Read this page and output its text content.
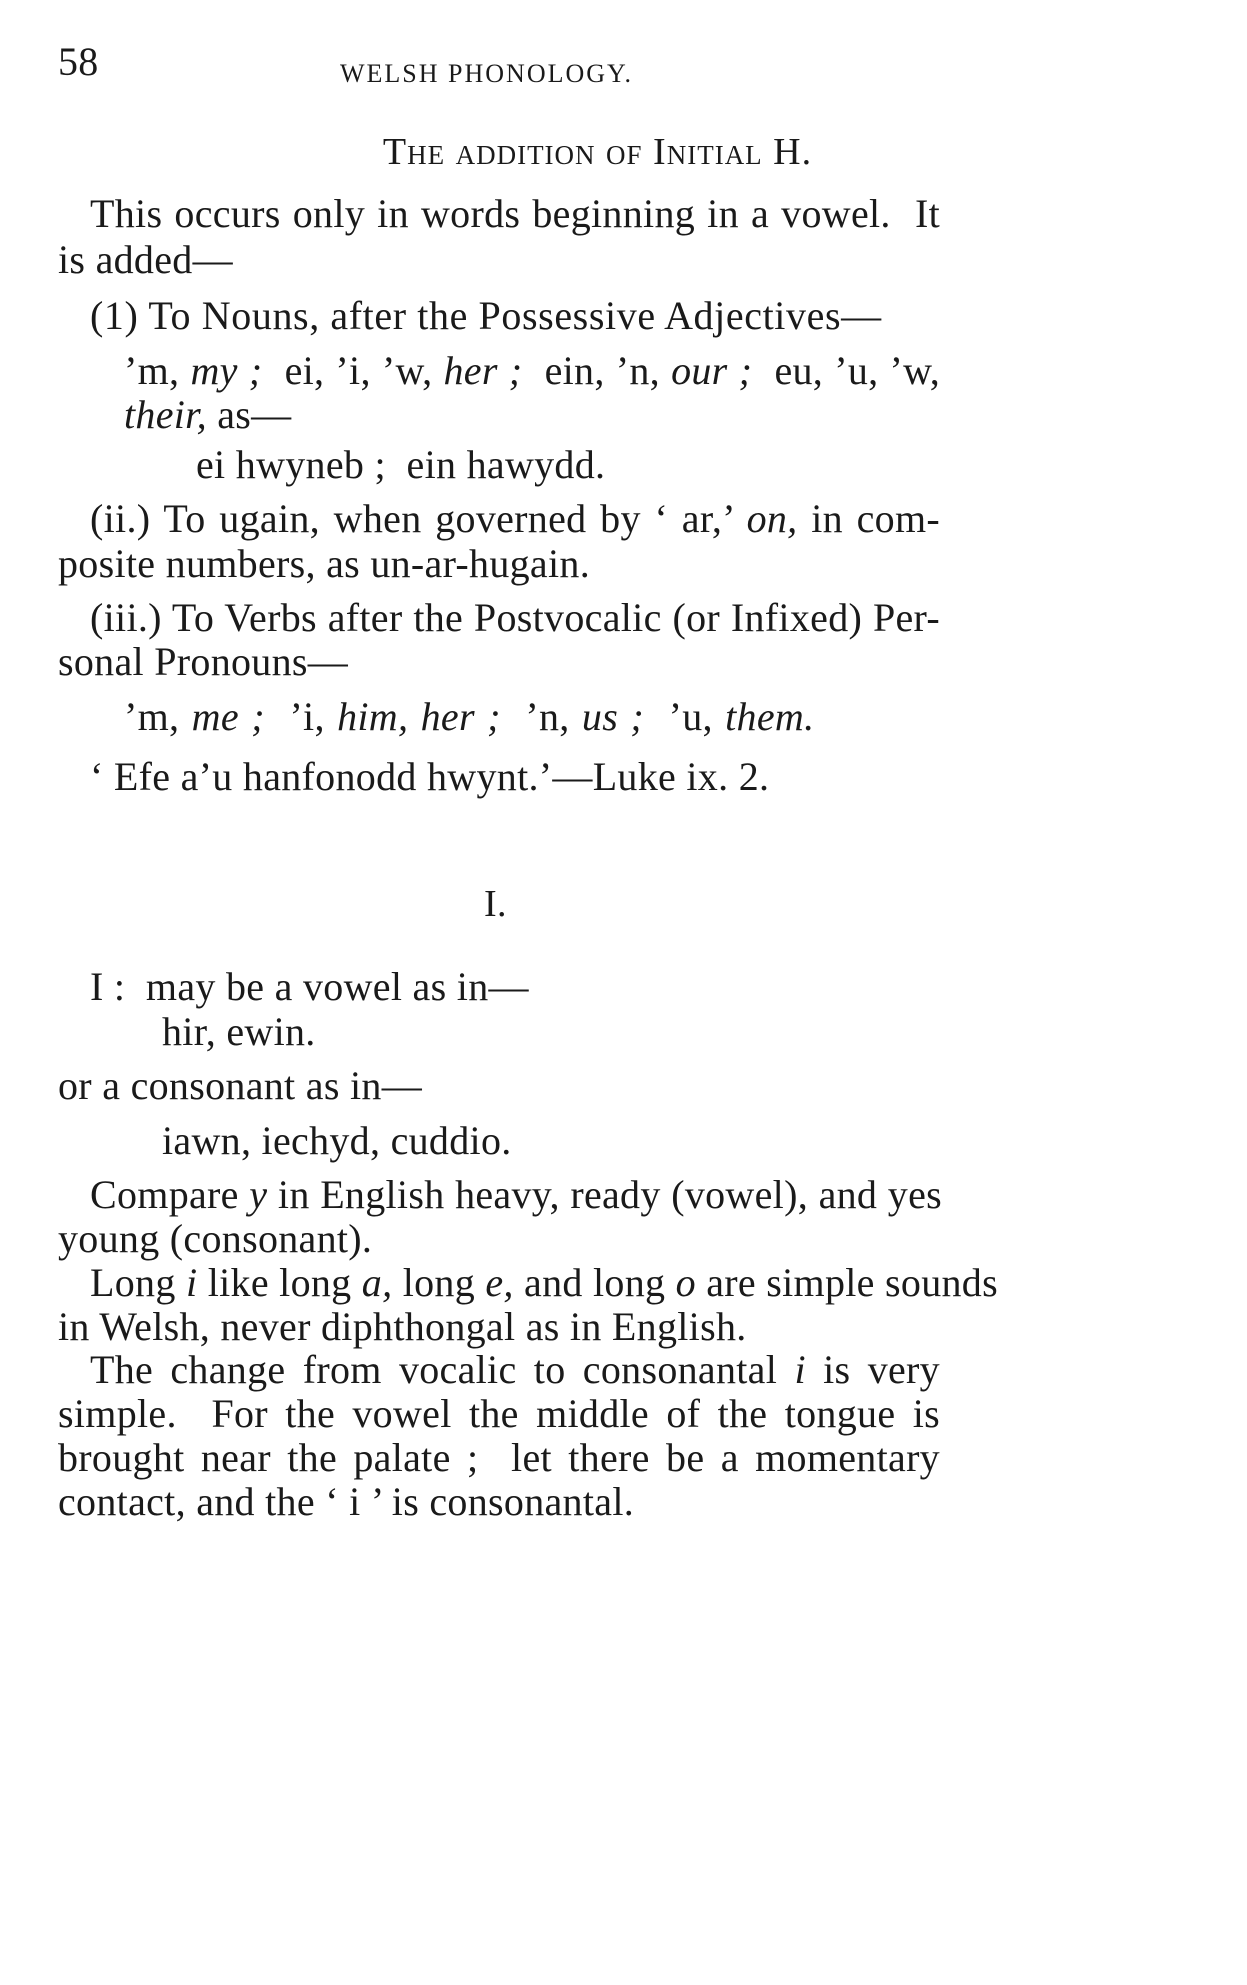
58	WELSH PHONOLOGY.
The addition of Initial H.
This occurs only in words beginning in a vowel. It
is added—
(1) To Nouns, after the Possessive Adjectives—
’m, my ; ei, ’i, ’w, her ; ein, ’n, our ; eu, ’u, ’w,
their, as—
ei hwyneb ;  ein hawydd.
(ii.) To ugain, when governed by ‘ ar,’ on, in com-
posite numbers, as un-ar-hugain.
(iii.) To Verbs after the Postvocalic (or Infixed) Per-
sonal Pronouns—
’m, me ; ’i, him, her ; ’n, us ; ’u, them.
‘ Efe a’u hanfonodd hwynt.’—Luke ix. 2.
I.
I :  may be a vowel as in—
hir, ewin.
or a consonant as in—
iawn, iechyd, cuddio.
Compare y in English heavy, ready (vowel), and yes
young (consonant).
Long i like long a, long e, and long o are simple sounds
in Welsh, never diphthongal as in English.
The change from vocalic to consonantal i is very
simple.  For the vowel the middle of the tongue is
brought near the palate ;  let there be a momentary
contact, and the ‘ i ’ is consonantal.
